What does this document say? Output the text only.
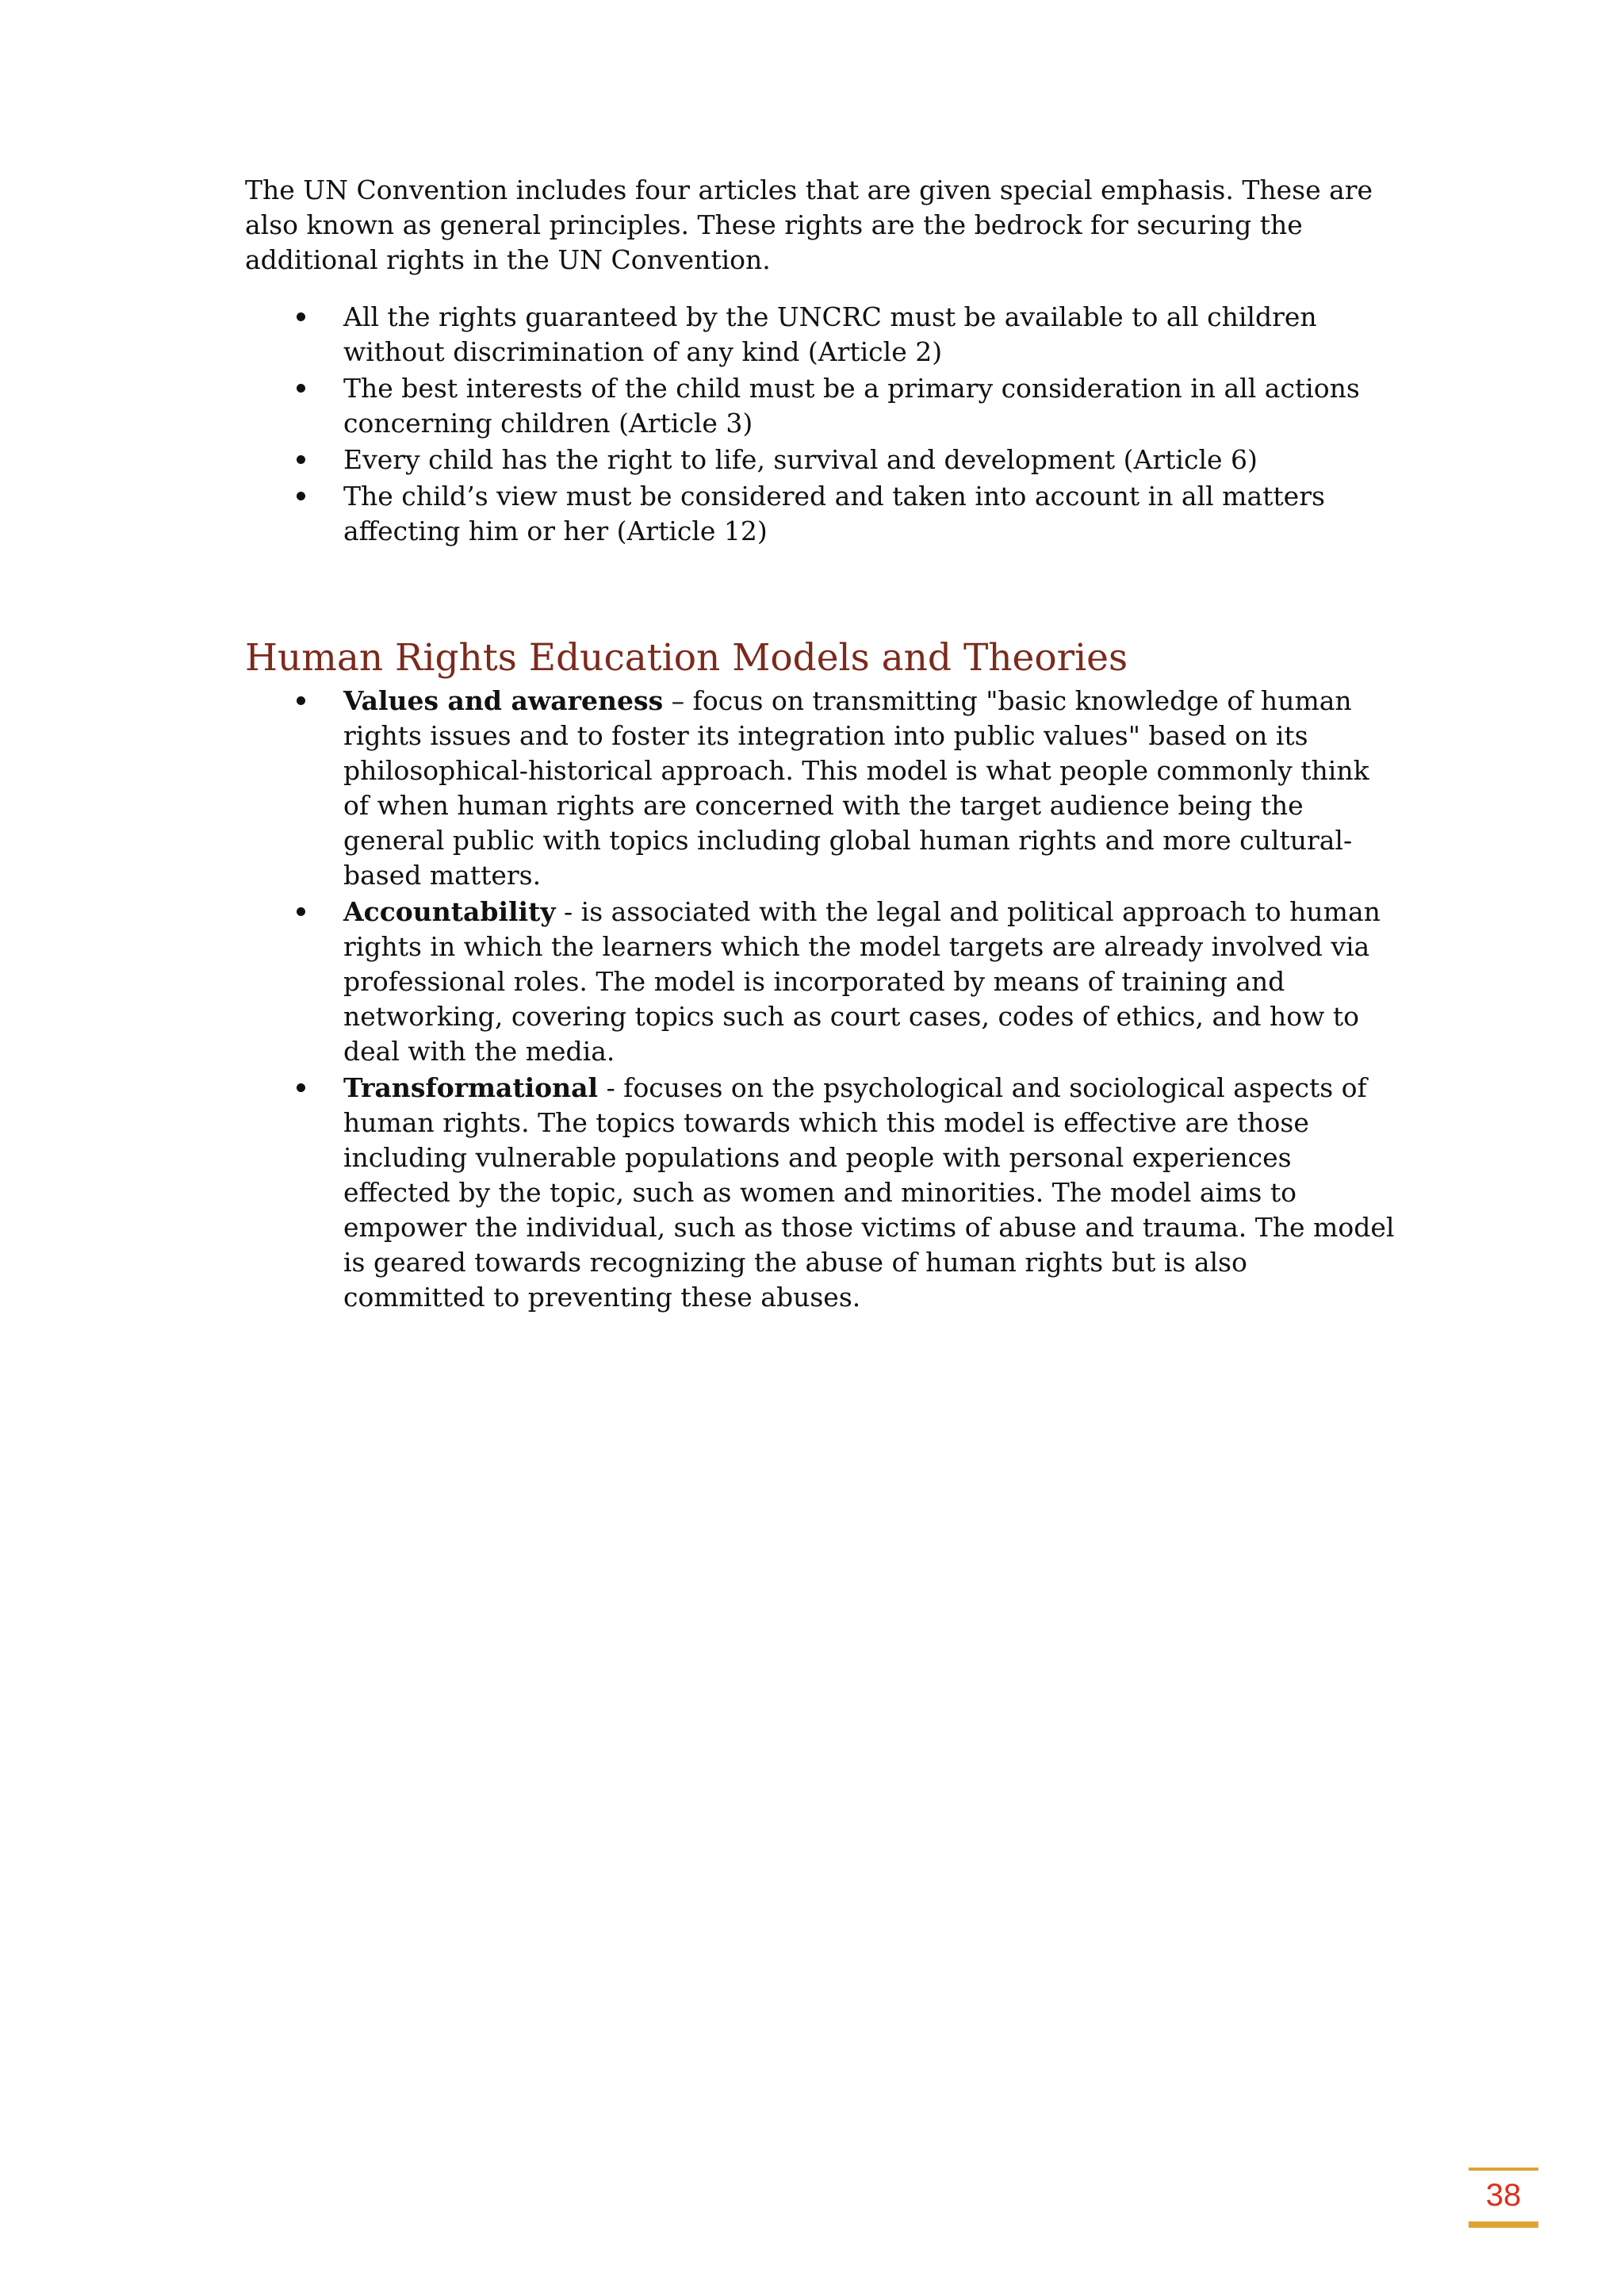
The UN Convention includes four articles that are given special emphasis. These are also known as general principles. These rights are the bedrock for securing the additional rights in the UN Convention.

All the rights guaranteed by the UNCRC must be available to all children without discrimination of any kind (Article 2)
The best interests of the child must be a primary consideration in all actions concerning children (Article 3)
Every child has the right to life, survival and development (Article 6)
The child’s view must be considered and taken into account in all matters affecting him or her (Article 12)
Human Rights Education Models and Theories
Values and awareness – focus on transmitting "basic knowledge of human rights issues and to foster its integration into public values" based on its philosophical-historical approach. This model is what people commonly think of when human rights are concerned with the target audience being the general public with topics including global human rights and more cultural-based matters.
Accountability - is associated with the legal and political approach to human rights in which the learners which the model targets are already involved via professional roles. The model is incorporated by means of training and networking, covering topics such as court cases, codes of ethics, and how to deal with the media.
Transformational - focuses on the psychological and sociological aspects of human rights. The topics towards which this model is effective are those including vulnerable populations and people with personal experiences effected by the topic, such as women and minorities. The model aims to empower the individual, such as those victims of abuse and trauma. The model is geared towards recognizing the abuse of human rights but is also committed to preventing these abuses.
38
